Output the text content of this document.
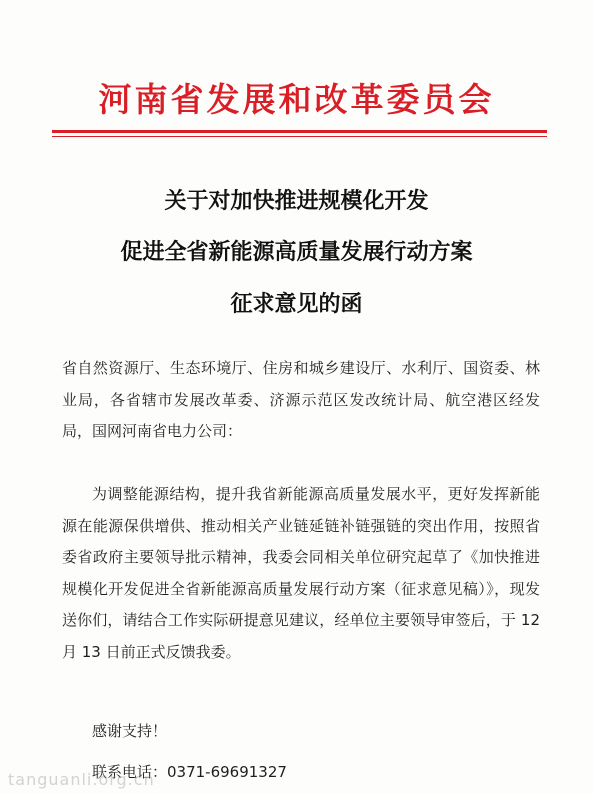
河南省发展和改革委员会
关于对加快推进规模化开发
促进全省新能源高质量发展行动方案
征求意见的函
省自然资源厅、生态环境厅、住房和城乡建设厅、水利厅、国资委、林业局，各省辖市发展改革委、济源示范区发改统计局、航空港区经发局，国网河南省电力公司：
为调整能源结构，提升我省新能源高质量发展水平，更好发挥新能源在能源保供增供、推动相关产业链延链补链强链的突出作用，按照省委省政府主要领导批示精神，我委会同相关单位研究起草了《加快推进规模化开发促进全省新能源高质量发展行动方案（征求意见稿）》，现发送你们，请结合工作实际研提意见建议，经单位主要领导审签后，于 12 月 13 日前正式反馈我委。
感谢支持！
联系电话：0371-69691327
tanguanli.org.cn
